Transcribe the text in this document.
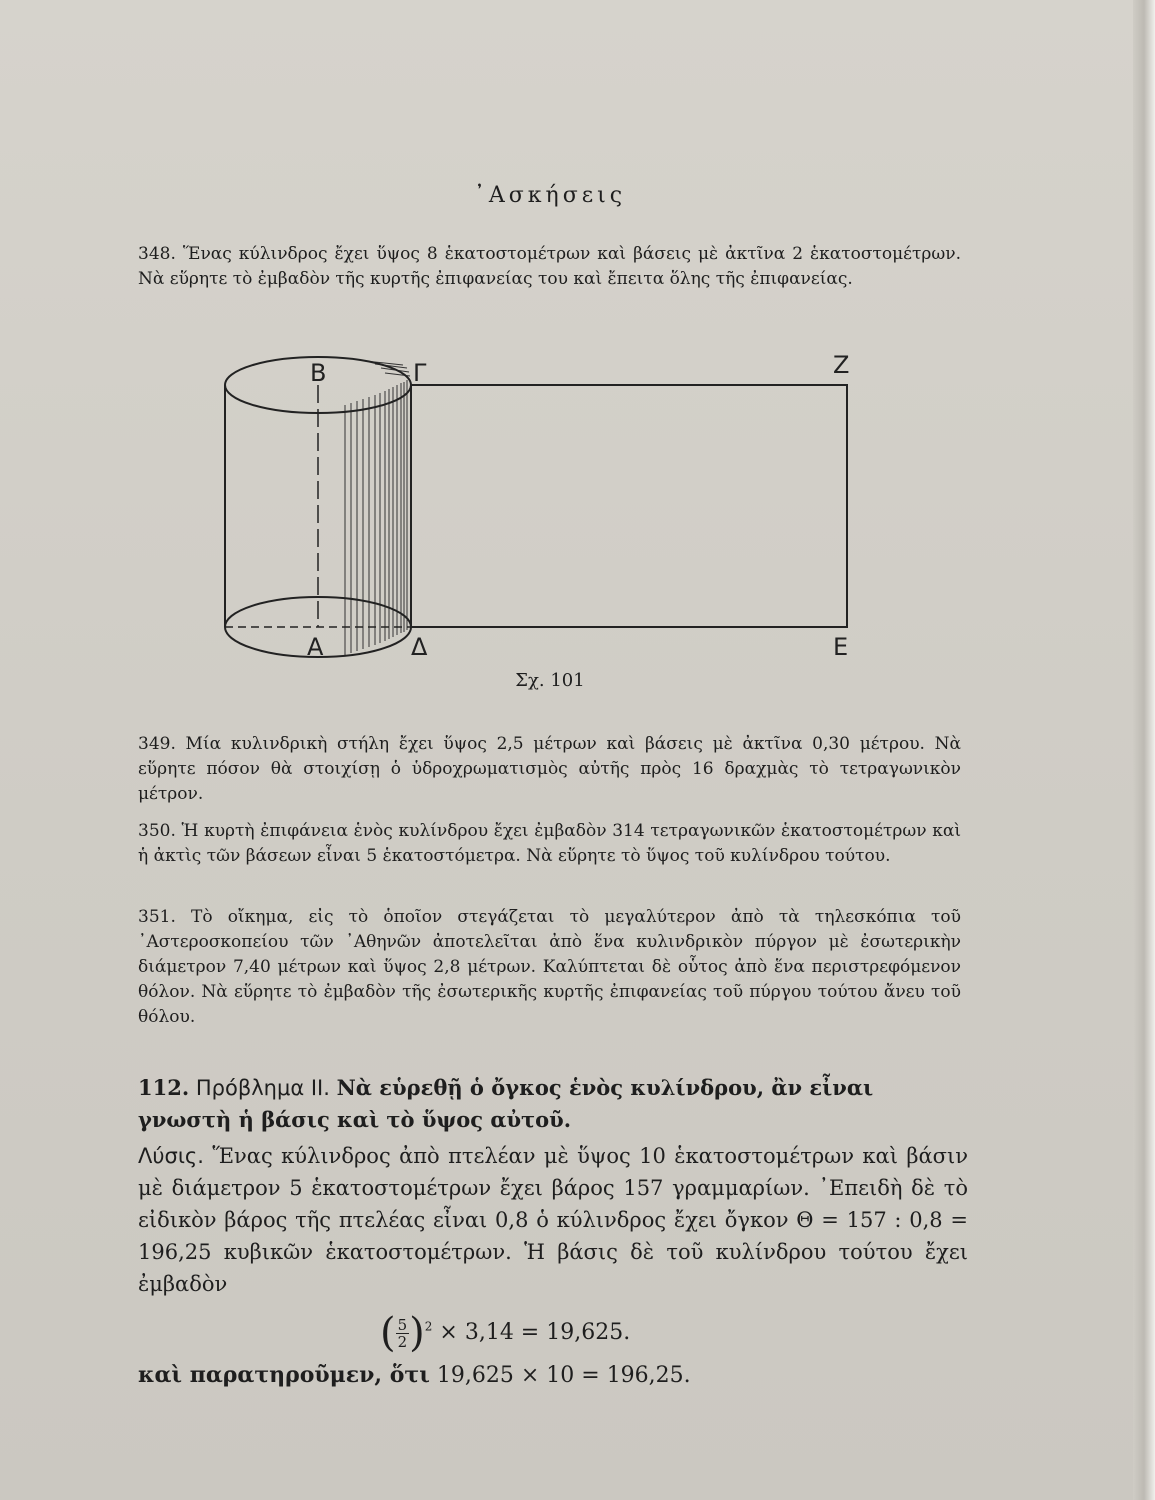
᾿Ασκήσεις
348. Ἕνας κύλινδρος ἔχει ὕψος 8 ἑκατοστομέτρων καὶ βάσεις μὲ ἀκτῖνα 2 ἑκατοστομέτρων. Νὰ εὕρητε τὸ ἐμβαδὸν τῆς κυρτῆς ἐπιφανείας του καὶ ἔπειτα ὅλης τῆς ἐπιφανείας.
Β	Γ	Z
Α	Δ	Ε
Σχ. 101
349. Μία κυλινδρικὴ στήλη ἔχει ὕψος 2,5 μέτρων καὶ βάσεις μὲ ἀκτῖνα 0,30 μέτρου. Νὰ εὕρητε πόσον θὰ στοιχίσῃ ὁ ὑδροχρωματισμὸς αὐτῆς πρὸς 16 δραχμὰς τὸ τετραγωνικὸν μέτρον.
350. Ἡ κυρτὴ ἐπιφάνεια ἑνὸς κυλίνδρου ἔχει ἐμβαδὸν 314 τετραγωνικῶν ἑκατοστομέτρων καὶ ἡ ἀκτὶς τῶν βάσεων εἶναι 5 ἑκατοστόμετρα. Νὰ εὕρητε τὸ ὕψος τοῦ κυλίνδρου τούτου.
351. Τὸ οἴκημα, εἰς τὸ ὁποῖον στεγάζεται τὸ μεγαλύτερον ἀπὸ τὰ τηλεσκόπια τοῦ ᾿Αστεροσκοπείου τῶν ᾿Αθηνῶν ἀποτελεῖται ἀπὸ ἕνα κυλινδρικὸν πύργον μὲ ἐσωτερικὴν διάμετρον 7,40 μέτρων καὶ ὕψος 2,8 μέτρων. Καλύπτεται δὲ οὗτος ἀπὸ ἕνα περιστρεφόμενον θόλον. Νὰ εὕρητε τὸ ἐμβαδὸν τῆς ἐσωτερικῆς κυρτῆς ἐπιφανείας τοῦ πύργου τούτου ἄνευ τοῦ θόλου.
112. Πρόβλημα ΙΙ. Νὰ εὑρεθῇ ὁ ὄγκος ἑνὸς κυλίνδρου, ἂν εἶναι γνωστὴ ἡ βάσις καὶ τὸ ὕψος αὐτοῦ.
Λύσις. Ἕνας κύλινδρος ἀπὸ πτελέαν μὲ ὕψος 10 ἑκατοστομέτρων καὶ βάσιν μὲ διάμετρον 5 ἑκατοστομέτρων ἔχει βάρος 157 γραμμαρίων. ᾿Επειδὴ δὲ τὸ εἰδικὸν βάρος τῆς πτελέας εἶναι 0,8 ὁ κύλινδρος ἔχει ὄγκον Θ = 157 : 0,8 = 196,25 κυβικῶν ἑκατοστομέτρων. Ἡ βάσις δὲ τοῦ κυλίνδρου τούτου ἔχει ἐμβαδὸν
( $\frac{5}{2} )^2 \times 3,14 = 19,625$.
καὶ παρατηροῦμεν, ὅτι 19,625 × 10 = 196,25.
